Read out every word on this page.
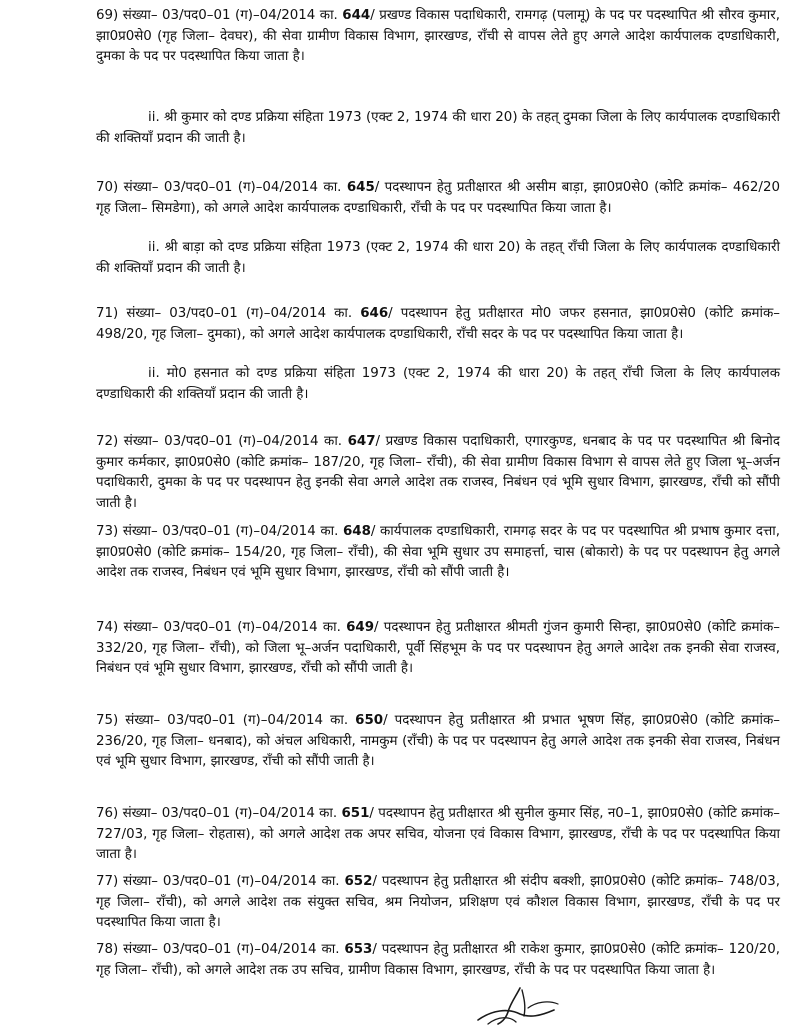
69) संख्या– 03/पद0–01 (ग)–04/2014 का. 644/ प्रखण्ड विकास पदाधिकारी, रामगढ़ (पलामू) के पद पर पदस्थापित श्री सौरव कुमार, झा0प्र0से0 (गृह जिला– देवघर), की सेवा ग्रामीण विकास विभाग, झारखण्ड, राँची से वापस लेते हुए अगले आदेश कार्यपालक दण्डाधिकारी, दुमका के पद पर पदस्थापित किया जाता है।

ii. श्री कुमार को दण्ड प्रक्रिया संहिता 1973 (एक्ट 2, 1974 की धारा 20) के तहत् दुमका जिला के लिए कार्यपालक दण्डाधिकारी की शक्तियाँ प्रदान की जाती है।

70) संख्या– 03/पद0–01 (ग)–04/2014 का. 645/ पदस्थापन हेतु प्रतीक्षारत श्री असीम बाड़ा, झा0प्र0से0 (कोटि क्रमांक– 462/20 गृह जिला– सिमडेगा), को अगले आदेश कार्यपालक दण्डाधिकारी, राँची के पद पर पदस्थापित किया जाता है।

ii. श्री बाड़ा को दण्ड प्रक्रिया संहिता 1973 (एक्ट 2, 1974 की धारा 20) के तहत् राँची जिला के लिए कार्यपालक दण्डाधिकारी की शक्तियाँ प्रदान की जाती है।

71) संख्या– 03/पद0–01 (ग)–04/2014 का. 646/ पदस्थापन हेतु प्रतीक्षारत मो0 जफर हसनात, झा0प्र0से0 (कोटि क्रमांक– 498/20, गृह जिला– दुमका), को अगले आदेश कार्यपालक दण्डाधिकारी, राँची सदर के पद पर पदस्थापित किया जाता है।

ii. मो0 हसनात को दण्ड प्रक्रिया संहिता 1973 (एक्ट 2, 1974 की धारा 20) के तहत् राँची जिला के लिए कार्यपालक दण्डाधिकारी की शक्तियाँ प्रदान की जाती है।

72) संख्या– 03/पद0–01 (ग)–04/2014 का. 647/ प्रखण्ड विकास पदाधिकारी, एगारकुण्ड, धनबाद के पद पर पदस्थापित श्री बिनोद कुमार कर्मकार, झा0प्र0से0 (कोटि क्रमांक– 187/20, गृह जिला– राँची), की सेवा ग्रामीण विकास विभाग से वापस लेते हुए जिला भू–अर्जन पदाधिकारी, दुमका के पद पर पदस्थापन हेतु इनकी सेवा अगले आदेश तक राजस्व, निबंधन एवं भूमि सुधार विभाग, झारखण्ड, राँची को सौंपी जाती है।

73) संख्या– 03/पद0–01 (ग)–04/2014 का. 648/ कार्यपालक दण्डाधिकारी, रामगढ़ सदर के पद पर पदस्थापित श्री प्रभाष कुमार दत्ता, झा0प्र0से0 (कोटि क्रमांक– 154/20, गृह जिला– राँची), की सेवा भूमि सुधार उप समाहर्त्ता, चास (बोकारो) के पद पर पदस्थापन हेतु अगले आदेश तक राजस्व, निबंधन एवं भूमि सुधार विभाग, झारखण्ड, राँची को सौंपी जाती है।

74) संख्या– 03/पद0–01 (ग)–04/2014 का. 649/ पदस्थापन हेतु प्रतीक्षारत श्रीमती गुंजन कुमारी सिन्हा, झा0प्र0से0 (कोटि क्रमांक– 332/20, गृह जिला– राँची), को जिला भू–अर्जन पदाधिकारी, पूर्वी सिंहभूम के पद पर पदस्थापन हेतु अगले आदेश तक इनकी सेवा राजस्व, निबंधन एवं भूमि सुधार विभाग, झारखण्ड, राँची को सौंपी जाती है।

75) संख्या– 03/पद0–01 (ग)–04/2014 का. 650/ पदस्थापन हेतु प्रतीक्षारत श्री प्रभात भूषण सिंह, झा0प्र0से0 (कोटि क्रमांक– 236/20, गृह जिला– धनबाद), को अंचल अधिकारी, नामकुम (राँची) के पद पर पदस्थापन हेतु अगले आदेश तक इनकी सेवा राजस्व, निबंधन एवं भूमि सुधार विभाग, झारखण्ड, राँची को सौंपी जाती है।

76) संख्या– 03/पद0–01 (ग)–04/2014 का. 651/ पदस्थापन हेतु प्रतीक्षारत श्री सुनील कुमार सिंह, न0–1, झा0प्र0से0 (कोटि क्रमांक– 727/03, गृह जिला– रोहतास), को अगले आदेश तक अपर सचिव, योजना एवं विकास विभाग, झारखण्ड, राँची के पद पर पदस्थापित किया जाता है।

77) संख्या– 03/पद0–01 (ग)–04/2014 का. 652/ पदस्थापन हेतु प्रतीक्षारत श्री संदीप बक्शी, झा0प्र0से0 (कोटि क्रमांक– 748/03, गृह जिला– राँची), को अगले आदेश तक संयुक्त सचिव, श्रम नियोजन, प्रशिक्षण एवं कौशल विकास विभाग, झारखण्ड, राँची के पद पर पदस्थापित किया जाता है।

78) संख्या– 03/पद0–01 (ग)–04/2014 का. 653/ पदस्थापन हेतु प्रतीक्षारत श्री राकेश कुमार, झा0प्र0से0 (कोटि क्रमांक– 120/20, गृह जिला– राँची), को अगले आदेश तक उप सचिव, ग्रामीण विकास विभाग, झारखण्ड, राँची के पद पर पदस्थापित किया जाता है।
